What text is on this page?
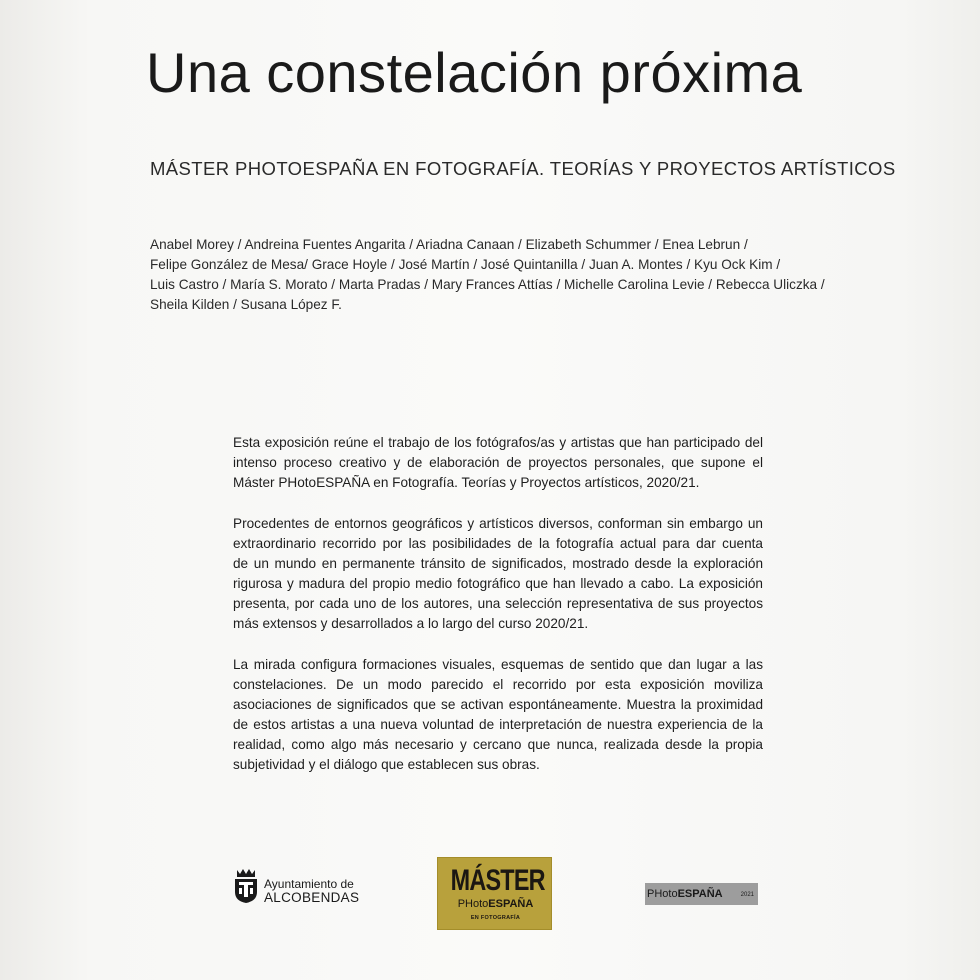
Una constelación próxima
MÁSTER PHOTOESPAÑA EN FOTOGRAFÍA. TEORÍAS Y PROYECTOS ARTÍSTICOS
Anabel Morey / Andreina Fuentes Angarita / Ariadna Canaan / Elizabeth Schummer / Enea Lebrun /
Felipe González de Mesa/ Grace Hoyle / José Martín / José Quintanilla / Juan A. Montes / Kyu Ock Kim /
Luis Castro / María S. Morato / Marta Pradas / Mary Frances Attías / Michelle Carolina Levie / Rebecca Uliczka /
Sheila Kilden / Susana López F.

Esta exposición reúne el trabajo de los fotógrafos/as y artistas que han participado del
intenso proceso creativo y de elaboración de proyectos personales, que supone el
Máster PHotoESPAÑA en Fotografía. Teorías y Proyectos artísticos, 2020/21.

Procedentes de entornos geográficos y artísticos diversos, conforman sin embargo un
extraordinario recorrido por las posibilidades de la fotografía actual para dar cuenta
de un mundo en permanente tránsito de significados, mostrado desde la exploración
rigurosa y madura del propio medio fotográfico que han llevado a cabo. La exposición
presenta, por cada uno de los autores, una selección representativa de sus proyectos
más extensos y desarrollados a lo largo del curso 2020/21.

La mirada configura formaciones visuales, esquemas de sentido que dan lugar a las
constelaciones. De un modo parecido el recorrido por esta exposición moviliza
asociaciones de significados que se activan espontáneamente. Muestra la proximidad
de estos artistas a una nueva voluntad de interpretación de nuestra experiencia de la
realidad, como algo más necesario y cercano que nunca, realizada desde la propia
subjetividad y el diálogo que establecen sus obras.

Ayuntamiento de
ALCOBENDAS
MÁSTER
PHotoESPAÑA
EN FOTOGRAFÍA
PHotoESPAÑA	2021
